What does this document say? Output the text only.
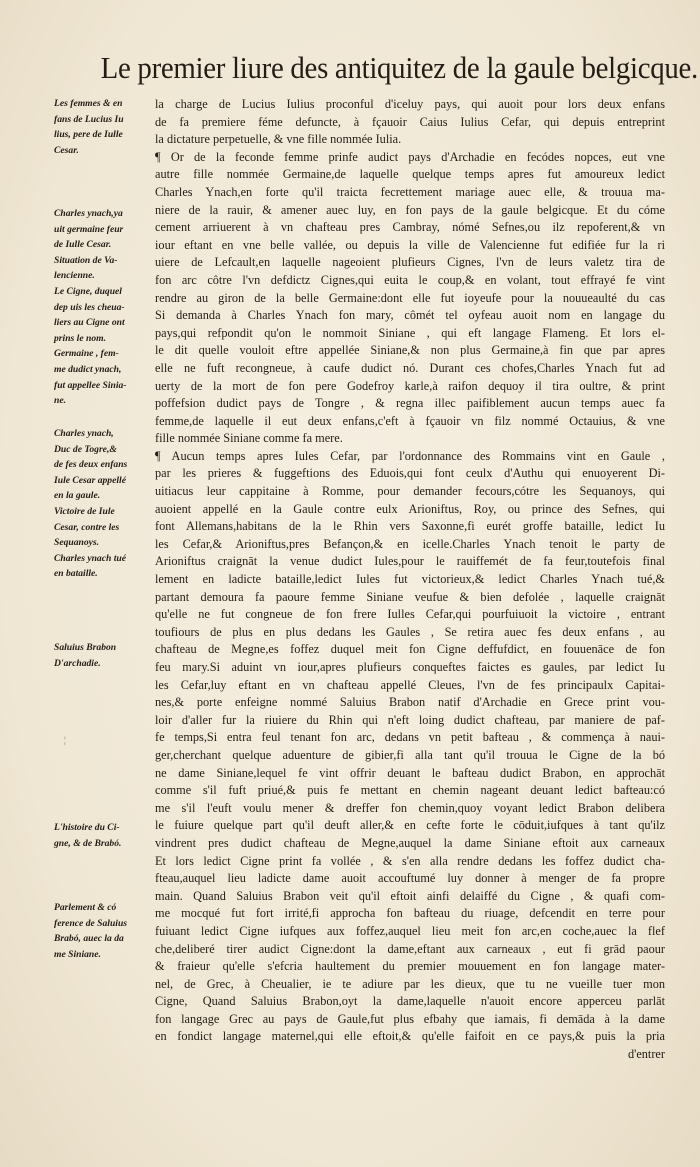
Le premier liure des antiquitez de la gaule belgicque.
Les femmes & en
fans de Lucius Iu
lius, pere de Iulle
Cesar.
Charles ynach,ya
uit germaine feur
de Iulle Cesar.
Situation de Va-
lencienne.
Le Cigne, duquel
dep uis les cheua-
liers au Cigne ont
prins le nom.
Germaine , fem-
me dudict ynach,
fut appellee Sinia-
ne.
Charles ynach,
Duc de Togre,&
de fes deux enfans
Iule Cesar appellé
en la gaule.
Victoire de Iule
Cesar, contre les
Sequanoys.
Charles ynach tué
en bataille.
Saluius Brabon
D'archadie.
L'histoire du Ci-
gne, & de Brabó.
Parlement & có
ference de Saluius
Brabó, auec la da
me Siniane.
¦
la charge de Lucius Iulius proconful d'iceluy pays, qui auoit pour lors deux enfans
de fa premiere féme defuncte, à fçauoir Caius Iulius Cefar, qui depuis entreprint
la dictature perpetuelle, & vne fille nommée Iulia.
¶ Or de la feconde femme prinfe audict pays d'Archadie en fecódes nopces, eut vne
autre fille nommée Germaine,de laquelle quelque temps apres fut amoureux ledict
Charles Ynach,en forte qu'il traicta fecrettement mariage auec elle, & trouua ma-
niere de la rauir, & amener auec luy, en fon pays de la gaule belgicque. Et du cóme
cement arriuerent à vn chafteau pres Cambray, nómé Sefnes,ou ilz repoferent,& vn
iour eftant en vne belle vallée, ou depuis la ville de Valencienne fut edifiée fur la ri
uiere de Lefcault,en laquelle nageoient plufieurs Cignes, l'vn de leurs valetz tira de
fon arc côtre l'vn defdictz Cignes,qui euita le coup,& en volant, tout effrayé fe vint
rendre au giron de la belle Germaine:dont elle fut ioyeufe pour la nouueaulté du cas
Si demanda à Charles Ynach fon mary, cômét tel oyfeau auoit nom en langage du
pays,qui refpondit qu'on le nommoit Siniane , qui eft langage Flameng. Et lors el-
le dit quelle vouloit eftre appellée Siniane,& non plus Germaine,à fin que par apres
elle ne fuft recongneue, à caufe dudict nó. Durant ces chofes,Charles Ynach fut ad
uerty de la mort de fon pere Godefroy karle,à raifon dequoy il tira oultre, & print
poffefsion dudict pays de Tongre , & regna illec paifiblement aucun temps auec fa
femme,de laquelle il eut deux enfans,c'eft à fçauoir vn filz nommé Octauius, & vne
fille nommée Siniane comme fa mere.
¶ Aucun temps apres Iules Cefar, par l'ordonnance des Rommains vint en Gaule ,
par les prieres & fuggeftions des Eduois,qui font ceulx d'Authu qui enuoyerent Di-
uitiacus leur cappitaine à Romme, pour demander fecours,cótre les Sequanoys, qui
auoient appellé en la Gaule contre eulx Arioniftus, Roy, ou prince des Sefnes, qui
font Allemans,habitans de la le Rhin vers Saxonne,fi eurét groffe bataille, ledict Iu
les Cefar,& Arioniftus,pres Befançon,& en icelle.Charles Ynach tenoit le party de
Arioniftus craignāt la venue dudict Iules,pour le rauiffemét de fa feur,toutefois final
lement en ladicte bataille,ledict Iules fut victorieux,& ledict Charles Ynach tué,&
partant demoura fa paoure femme Siniane veufue & bien defolée , laquelle craignāt
qu'elle ne fut congneue de fon frere Iulles Cefar,qui pourfuiuoit la victoire , entrant
toufiours de plus en plus dedans les Gaules , Se retira auec fes deux enfans , au
chafteau de Megne,es foffez duquel meit fon Cigne deffufdict, en fouuenāce de fon
feu mary.Si aduint vn iour,apres plufieurs conqueftes faictes es gaules, par ledict Iu
les Cefar,luy eftant en vn chafteau appellé Cleues, l'vn de fes principaulx Capitai-
nes,& porte enfeigne nommé Saluius Brabon natif d'Archadie en Grece print vou-
loir d'aller fur la riuiere du Rhin qui n'eft loing dudict chafteau, par maniere de paf-
fe temps,Si entra feul tenant fon arc, dedans vn petit bafteau , & commença à naui-
ger,cherchant quelque aduenture de gibier,fi alla tant qu'il trouua le Cigne de la bó
ne dame Siniane,lequel fe vint offrir deuant le bafteau dudict Brabon, en approchāt
comme s'il fuft priué,& puis fe mettant en chemin nageant deuant ledict bafteau:có
me s'il l'euft voulu mener & dreffer fon chemin,quoy voyant ledict Brabon delibera
le fuiure quelque part qu'il deuft aller,& en cefte forte le cōduit,iufques à tant qu'ilz
vindrent pres dudict chafteau de Megne,auquel la dame Siniane eftoit aux carneaux
Et lors ledict Cigne print fa vollée , & s'en alla rendre dedans les foffez dudict cha-
fteau,auquel lieu ladicte dame auoit accouftumé luy donner à menger de fa propre
main. Quand Saluius Brabon veit qu'il eftoit ainfi delaiffé du Cigne , & quafi com-
me mocqué fut fort irrité,fi approcha fon bafteau du riuage, defcendit en terre pour
fuiuant ledict Cigne iufques aux foffez,auquel lieu meit fon arc,en coche,auec la flef
che,deliberé tirer audict Cigne:dont la dame,eftant aux carneaux , eut fi grād paour
& fraieur qu'elle s'efcria haultement du premier mouuement en fon langage mater-
nel, de Grec, à Cheualier, ie te adiure par les dieux, que tu ne vueille tuer mon
Cigne, Quand Saluius Brabon,oyt la dame,laquelle n'auoit encore apperceu parlāt
fon langage Grec au pays de Gaule,fut plus efbahy que iamais, fi demāda à la dame
en fondict langage maternel,qui elle eftoit,& qu'elle faifoit en ce pays,& puis la pria
d'entrer
